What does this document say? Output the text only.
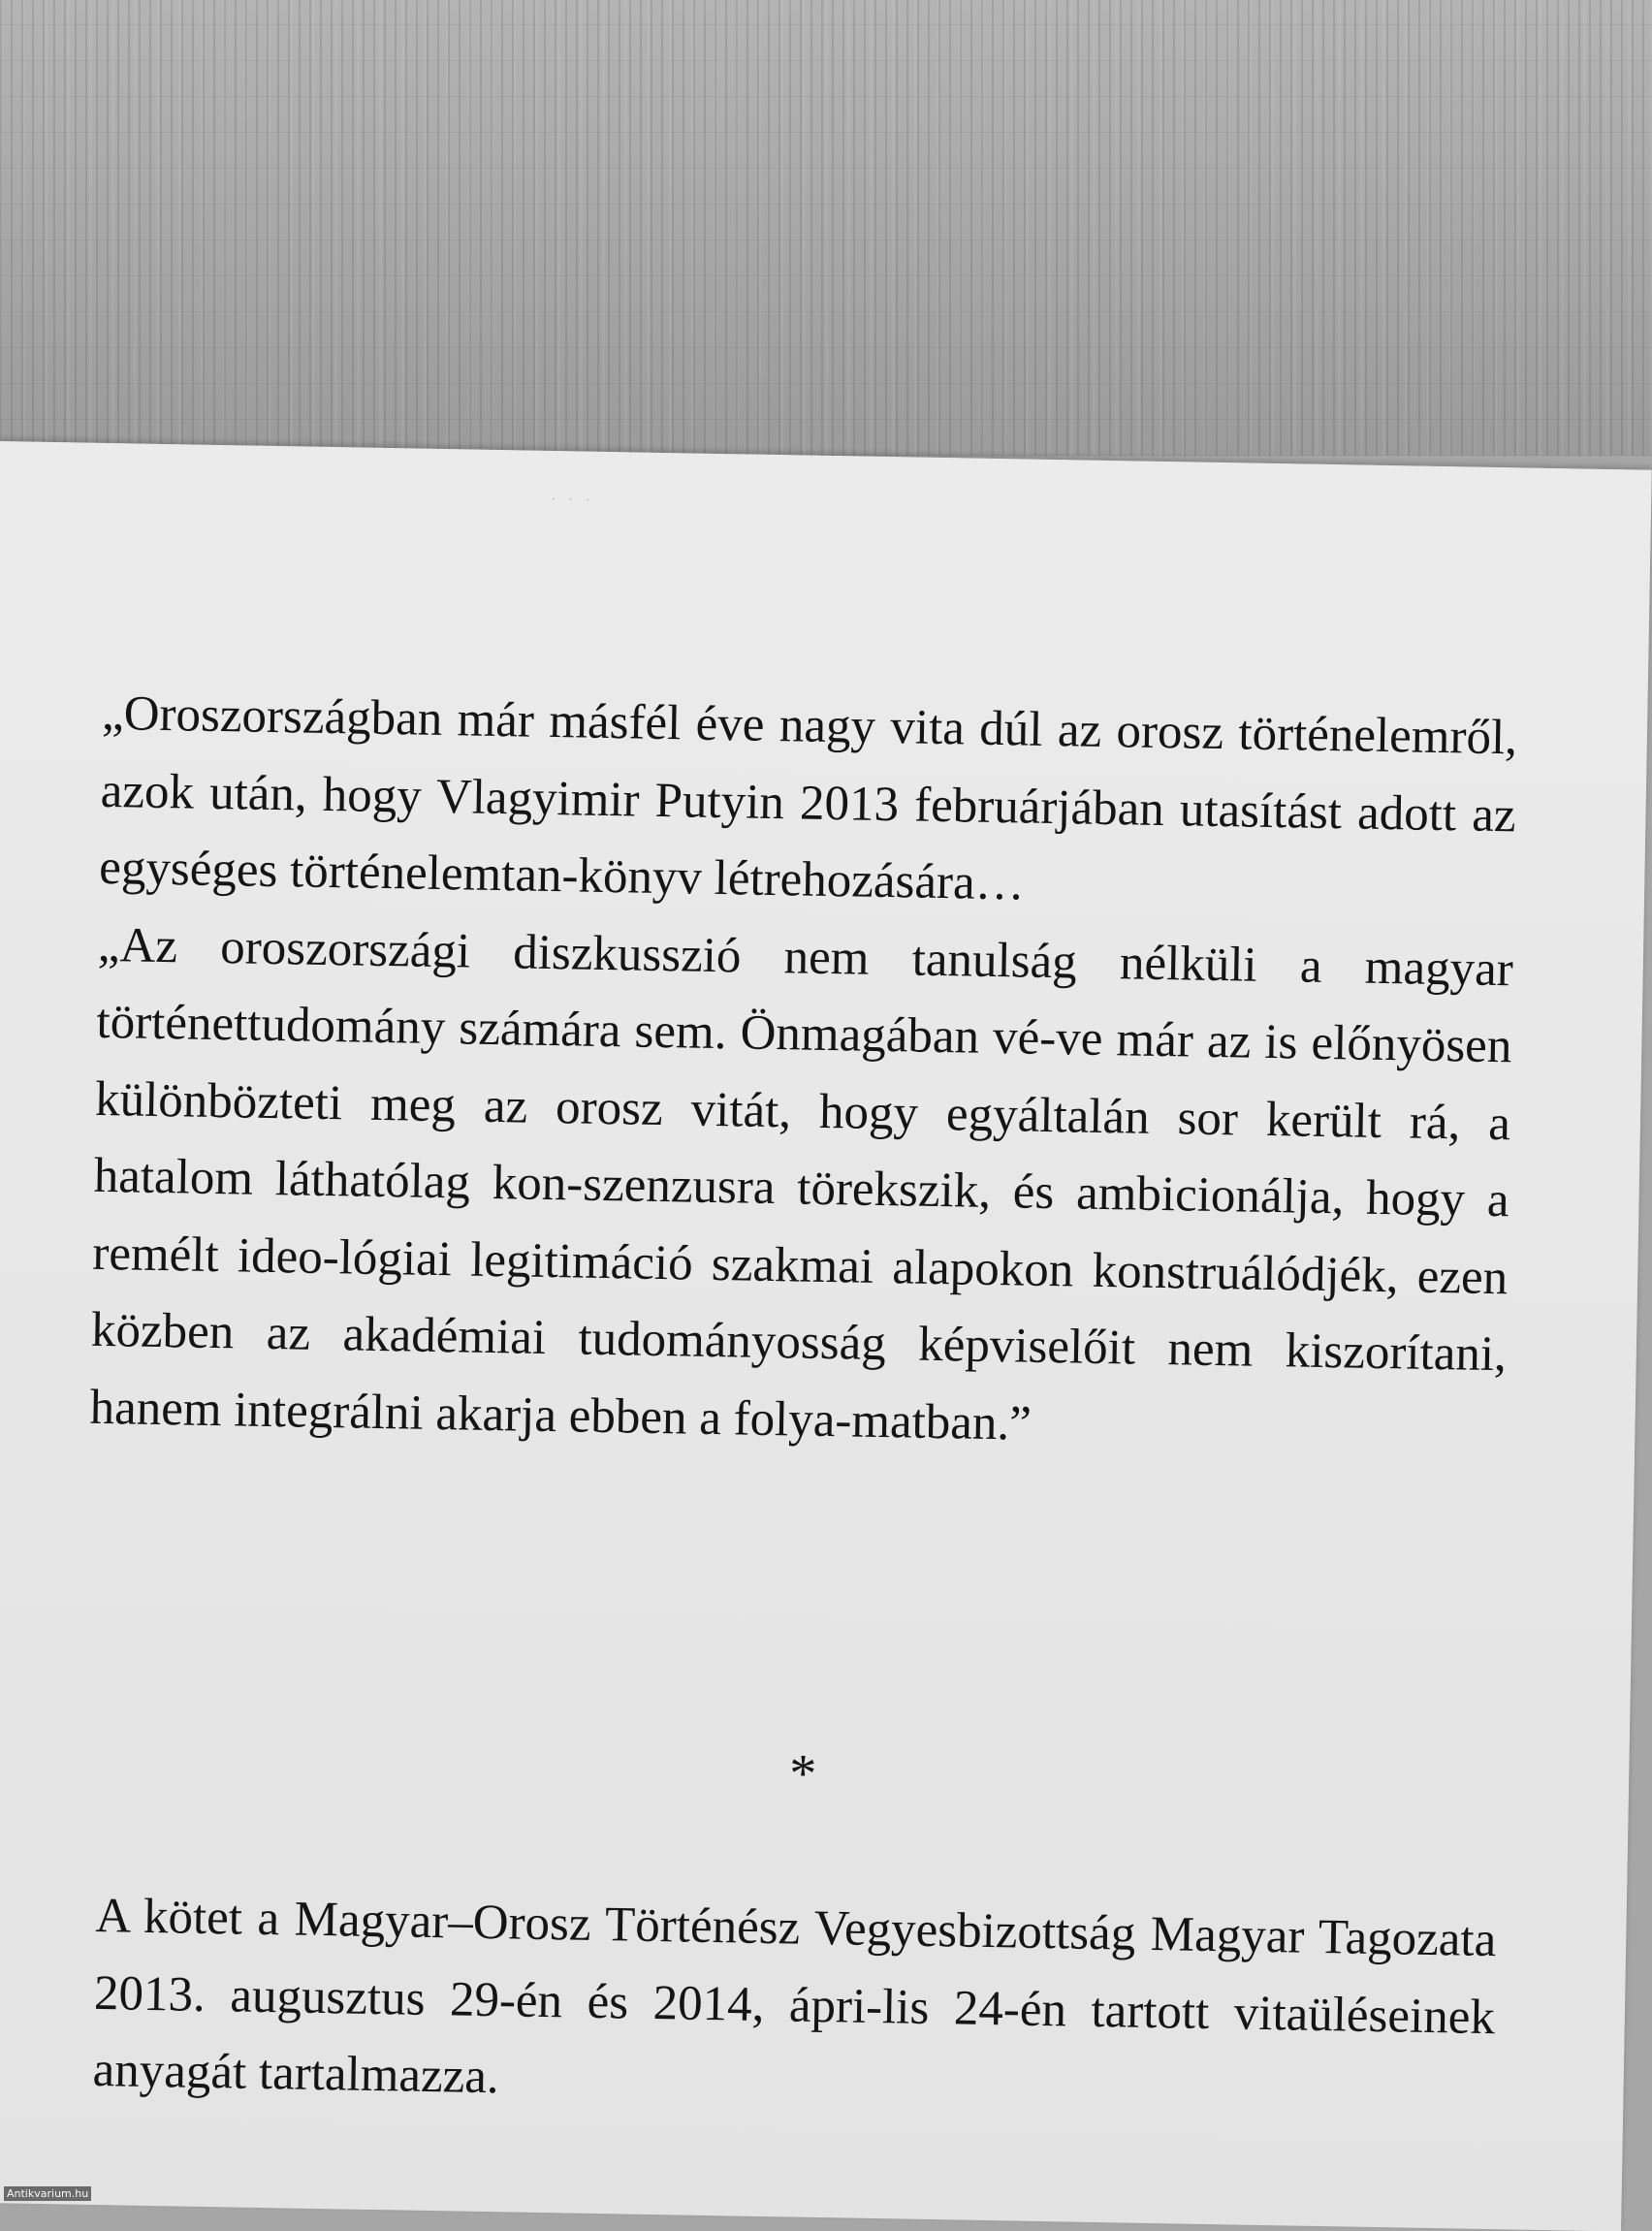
· · ·
„Oroszországban már másfél éve nagy vita dúl az orosz történelemről, azok után, hogy Vlagyimir Putyin 2013 februárjában utasítást adott az egységes történelemtan-könyv létrehozására…
„Az oroszországi diszkusszió nem tanulság nélküli a magyar történettudomány számára sem. Önmagában vé-ve már az is előnyösen különbözteti meg az orosz vitát, hogy egyáltalán sor került rá, a hatalom láthatólag kon-szenzusra törekszik, és ambicionálja, hogy a remélt ideo-lógiai legitimáció szakmai alapokon konstruálódjék, ezen közben az akadémiai tudományosság képviselőit nem kiszorítani, hanem integrálni akarja ebben a folya-matban.”
*
A kötet a Magyar–Orosz Történész Vegyesbizottság Magyar Tagozata 2013. augusztus 29-én és 2014, ápri-lis 24-én tartott vitaüléseinek anyagát tartalmazza.
Antikvarium.hu
